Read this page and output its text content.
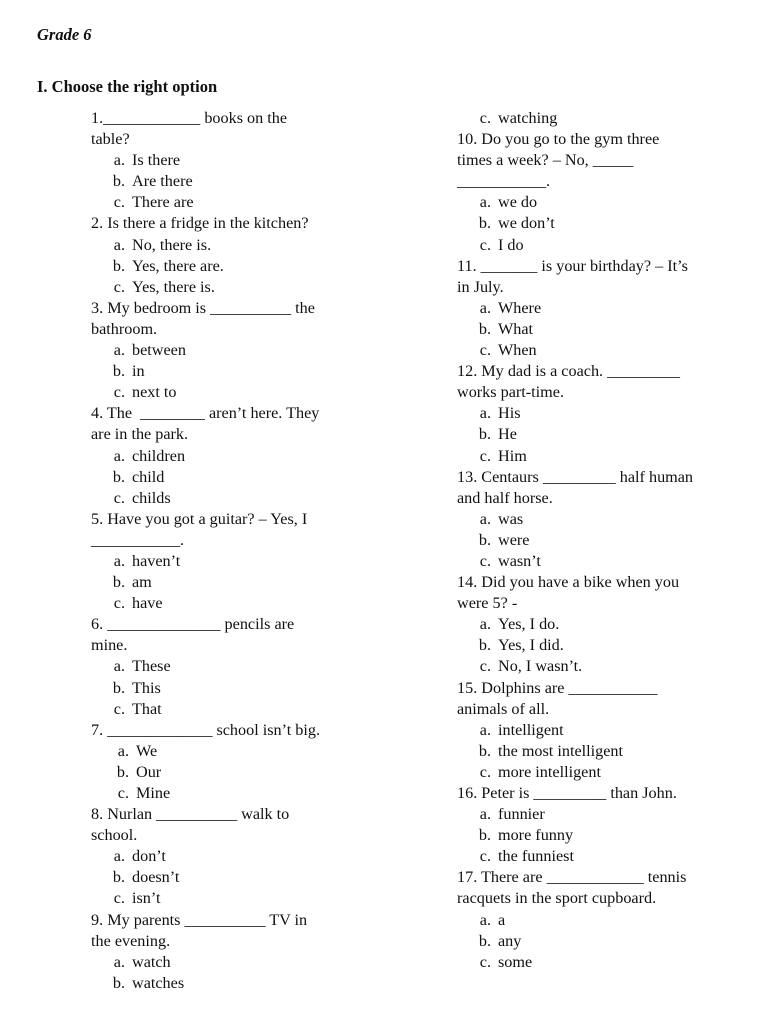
Grade 6
I. Choose the right option
1.____________ books on the
table?
a. Is there
b. Are there
c. There are
2. Is there a fridge in the kitchen?
a. No, there is.
b. Yes, there are.
c. Yes, there is.
3. My bedroom is __________ the
bathroom.
a. between
b. in
c. next to
4. The  ________ aren’t here. They
are in the park.
a. children
b. child
c. childs
5. Have you got a guitar? – Yes, I
___________.
a. haven’t
b. am
c. have
6. ______________ pencils are
mine.
a. These
b. This
c. That
7. _____________ school isn’t big.
a. We
b. Our
c. Mine
8. Nurlan __________ walk to
school.
a. don’t
b. doesn’t
c. isn’t
9. My parents __________ TV in
the evening.
a. watch
b. watches
c. watching
10. Do you go to the gym three
times a week? – No, _____
___________.
a. we do
b. we don’t
c. I do
11. _______ is your birthday? – It’s
in July.
a. Where
b. What
c. When
12. My dad is a coach. _________
works part-time.
a. His
b. He
c. Him
13. Centaurs _________ half human
and half horse.
a. was
b. were
c. wasn’t
14. Did you have a bike when you
were 5? -
a. Yes, I do.
b. Yes, I did.
c. No, I wasn’t.
15. Dolphins are ___________
animals of all.
a. intelligent
b. the most intelligent
c. more intelligent
16. Peter is _________ than John.
a. funnier
b. more funny
c. the funniest
17. There are ____________ tennis
racquets in the sport cupboard.
a. a
b. any
c. some
